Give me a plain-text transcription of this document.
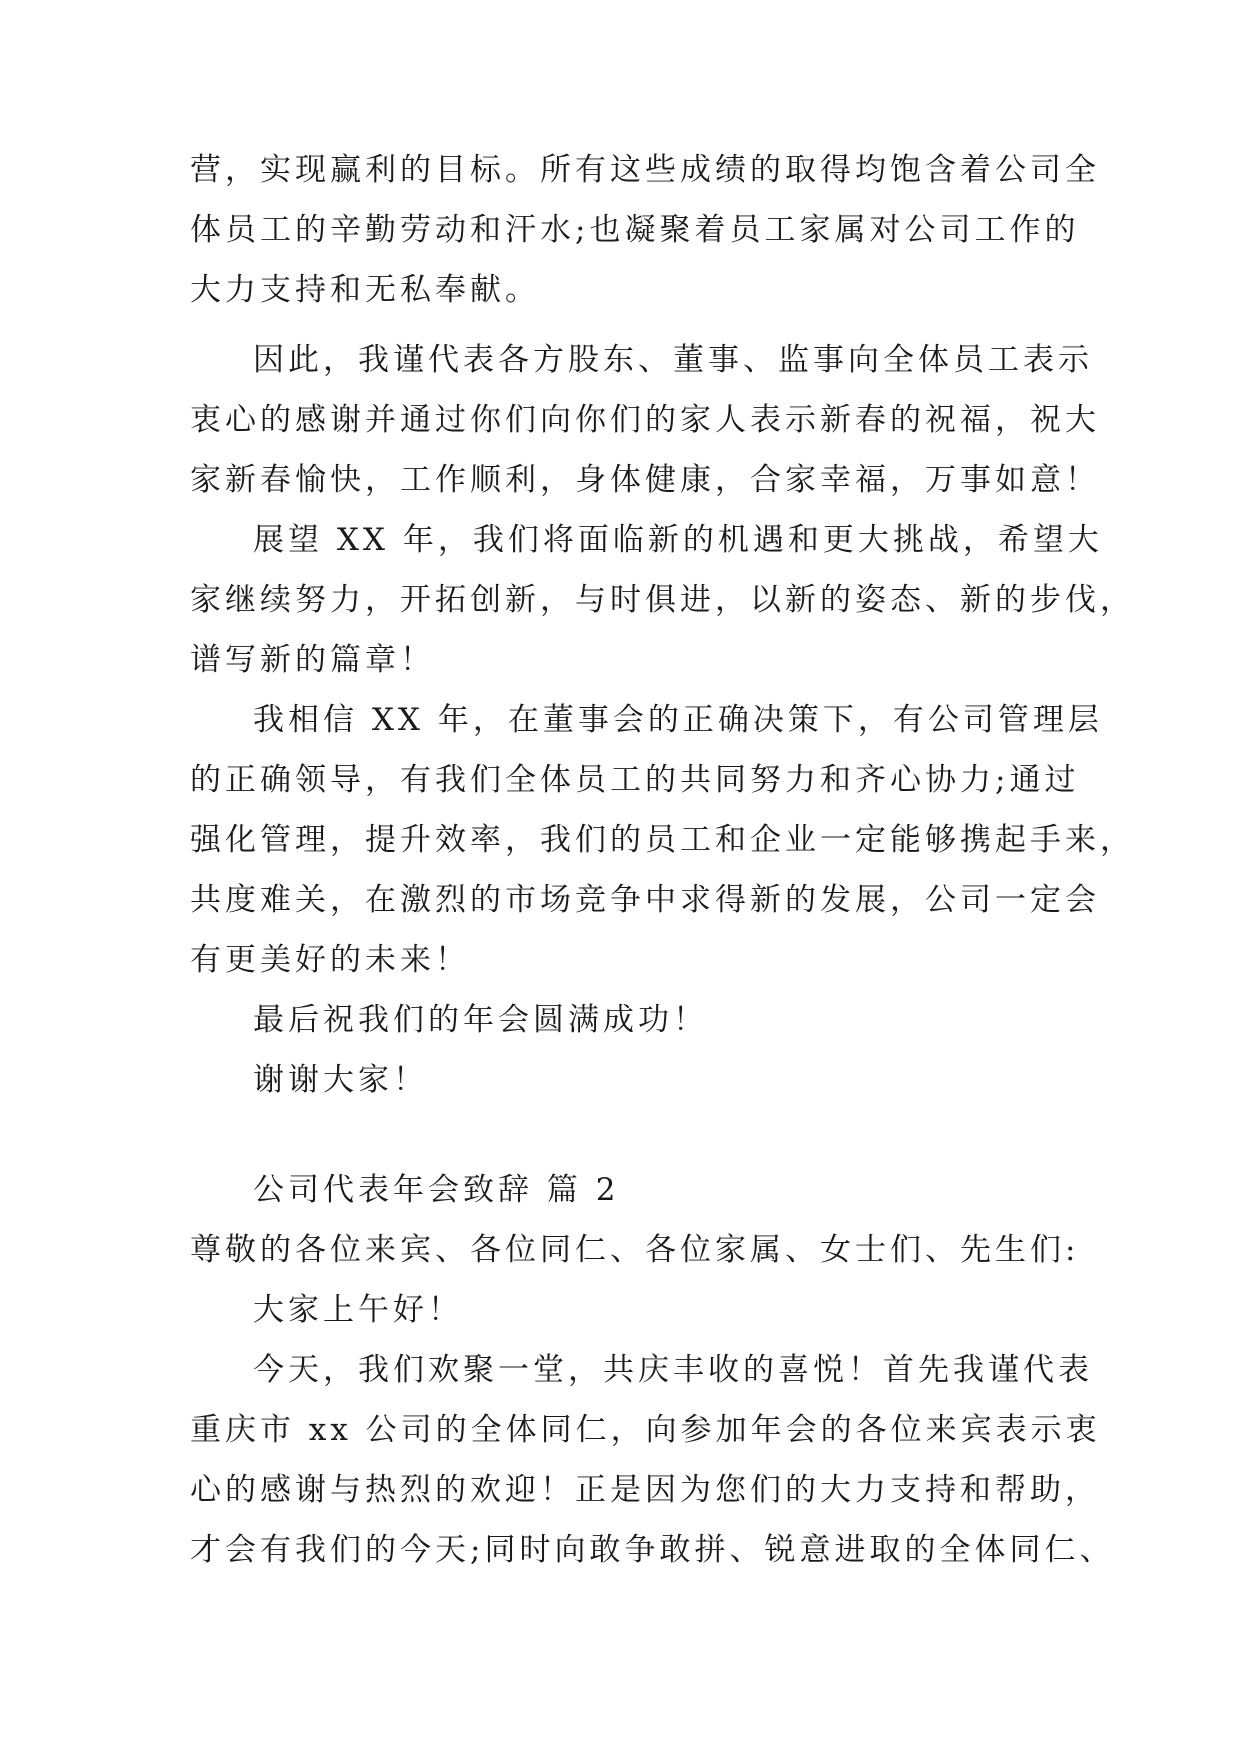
营，实现赢利的目标。所有这些成绩的取得均饱含着公司全
体员工的辛勤劳动和汗水;也凝聚着员工家属对公司工作的
大力支持和无私奉献。
因此，我谨代表各方股东、董事、监事向全体员工表示
衷心的感谢并通过你们向你们的家人表示新春的祝福，祝大
家新春愉快，工作顺利，身体健康，合家幸福，万事如意！
展望 XX 年，我们将面临新的机遇和更大挑战，希望大
家继续努力，开拓创新，与时俱进，以新的姿态、新的步伐，
谱写新的篇章！
我相信 XX 年，在董事会的正确决策下，有公司管理层
的正确领导，有我们全体员工的共同努力和齐心协力;通过
强化管理，提升效率，我们的员工和企业一定能够携起手来，
共度难关，在激烈的市场竞争中求得新的发展，公司一定会
有更美好的未来！
最后祝我们的年会圆满成功！
谢谢大家！
公司代表年会致辞 篇 2
尊敬的各位来宾、各位同仁、各位家属、女士们、先生们:
大家上午好！
今天，我们欢聚一堂，共庆丰收的喜悦！首先我谨代表
重庆市 xx 公司的全体同仁，向参加年会的各位来宾表示衷
心的感谢与热烈的欢迎！正是因为您们的大力支持和帮助，
才会有我们的今天;同时向敢争敢拼、锐意进取的全体同仁、
